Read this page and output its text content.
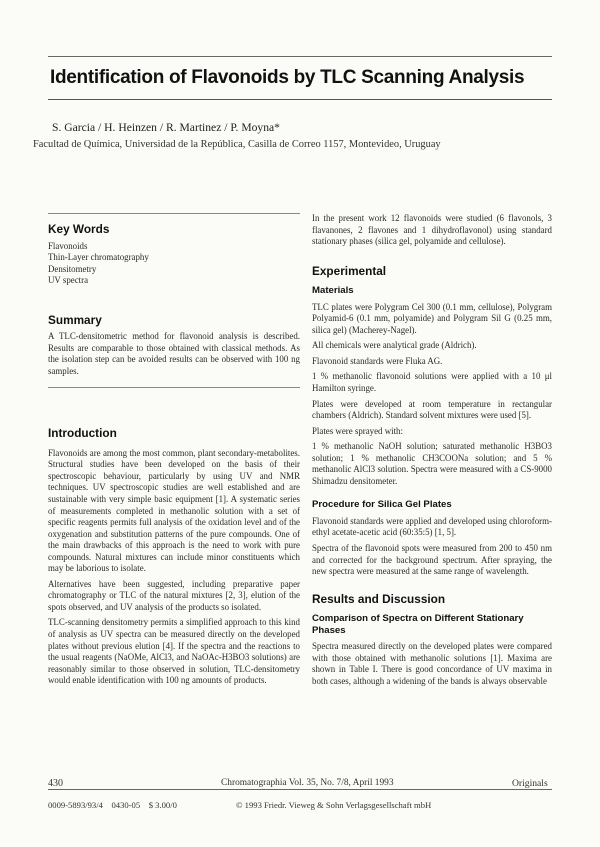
Identification of Flavonoids by TLC Scanning Analysis
S. Garcia / H. Heinzen / R. Martinez / P. Moyna*
Facultad de Química, Universidad de la República, Casilla de Correo 1157, Montevideo, Uruguay
Key Words
Flavonoids
Thin-Layer chromatography
Densitometry
UV spectra
Summary

A TLC-densitometric method for flavonoid analysis is described. Results are comparable to those obtained with classical methods. As the isolation step can be avoided results can be observed with 100 ng samples.

Introduction

Flavonoids are among the most common, plant secondary-metabolites. Structural studies have been developed on the basis of their spectroscopic behaviour, particularly by using UV and NMR techniques. UV spectroscopic studies are well established and are sustainable with very simple basic equipment [1]. A systematic series of measurements completed in methanolic solution with a set of specific reagents permits full analysis of the oxidation level and of the oxygenation and substitution patterns of the pure compounds. One of the main drawbacks of this approach is the need to work with pure compounds. Natural mixtures can include minor constituents which may be laborious to isolate.

Alternatives have been suggested, including preparative paper chromatography or TLC of the natural mixtures [2, 3], elution of the spots observed, and UV analysis of the products so isolated.

TLC-scanning densitometry permits a simplified approach to this kind of analysis as UV spectra can be measured directly on the developed plates without previous elution [4]. If the spectra and the reactions to the usual reagents (NaOMe, AlCl3, and NaOAc-H3BO3 solutions) are reasonably similar to those observed in solution, TLC-densitometry would enable identification with 100 ng amounts of products.

In the present work 12 flavonoids were studied (6 flavonols, 3 flavanones, 2 flavones and 1 dihydroflavonol) using standard stationary phases (silica gel, polyamide and cellulose).

Experimental
Materials

TLC plates were Polygram Cel 300 (0.1 mm, cellulose), Polygram Polyamid-6 (0.1 mm, polyamide) and Polygram Sil G (0.25 mm, silica gel) (Macherey-Nagel).

All chemicals were analytical grade (Aldrich).

Flavonoid standards were Fluka AG.

1 % methanolic flavonoid solutions were applied with a 10 μl Hamilton syringe.

Plates were developed at room temperature in rectangular chambers (Aldrich). Standard solvent mixtures were used [5].

Plates were sprayed with:

1 % methanolic NaOH solution; saturated methanolic H3BO3 solution; 1 % methanolic CH3COONa solution; and 5 % methanolic AlCl3 solution. Spectra were measured with a CS-9000 Shimadzu densitometer.

Procedure for Silica Gel Plates

Flavonoid standards were applied and developed using chloroform-ethyl acetate-acetic acid (60:35:5) [1, 5].

Spectra of the flavonoid spots were measured from 200 to 450 nm and corrected for the background spectrum. After spraying, the new spectra were measured at the same range of wavelength.

Results and Discussion
Comparison of Spectra on Different Stationary Phases

Spectra measured directly on the developed plates were compared with those obtained with methanolic solutions [1]. Maxima are shown in Table I. There is good concordance of UV maxima in both cases, although a widening of the bands is always observable

430	Chromatographia Vol. 35, No. 7/8, April 1993	Originals
0009-5893/93/4    0430-05    $ 3.00/0	© 1993 Friedr. Vieweg & Sohn Verlagsgesellschaft mbH
